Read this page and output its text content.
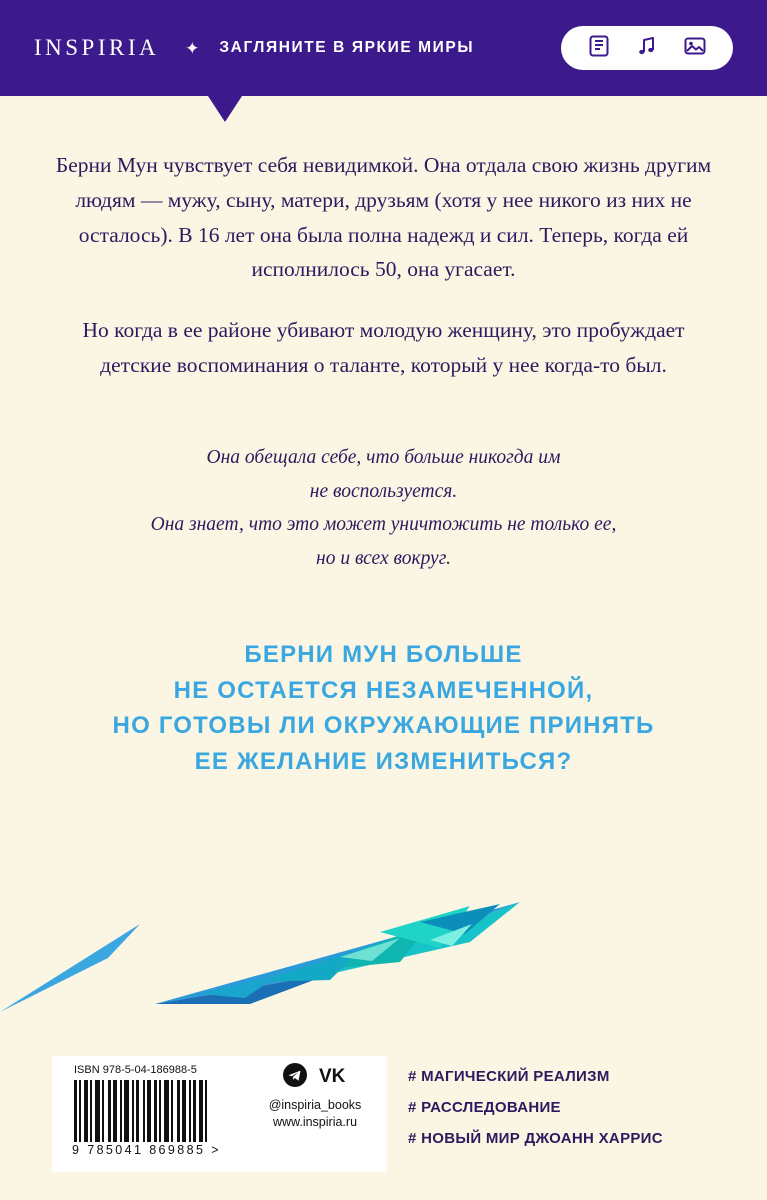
INSPIRIA ✦ ЗАГЛЯНИТЕ В ЯРКИЕ МИРЫ

Берни Мун чувствует себя невидимкой. Она отдала свою жизнь другим людям — мужу, сыну, матери, друзьям (хотя у нее никого из них не осталось). В 16 лет она была полна надежд и сил. Теперь, когда ей исполнилось 50, она угасает.

Но когда в ее районе убивают молодую женщину, это пробуждает детские воспоминания о таланте, который у нее когда-то был.

Она обещала себе, что больше никогда им
не воспользуется.
Она знает, что это может уничтожить не только ее,
но и всех вокруг.
БЕРНИ МУН БОЛЬШЕ
НЕ ОСТАЕТСЯ НЕЗАМЕЧЕННОЙ,
НО ГОТОВЫ ЛИ ОКРУЖАЮЩИЕ ПРИНЯТЬ
ЕЕ ЖЕЛАНИЕ ИЗМЕНИТЬСЯ?
ISBN 978-5-04-186988-5
9 785041 869885 >
VK
@inspiria_books
www.inspiria.ru
# МАГИЧЕСКИЙ РЕАЛИЗМ
# РАССЛЕДОВАНИЕ
# НОВЫЙ МИР ДЖОАНН ХАРРИС
